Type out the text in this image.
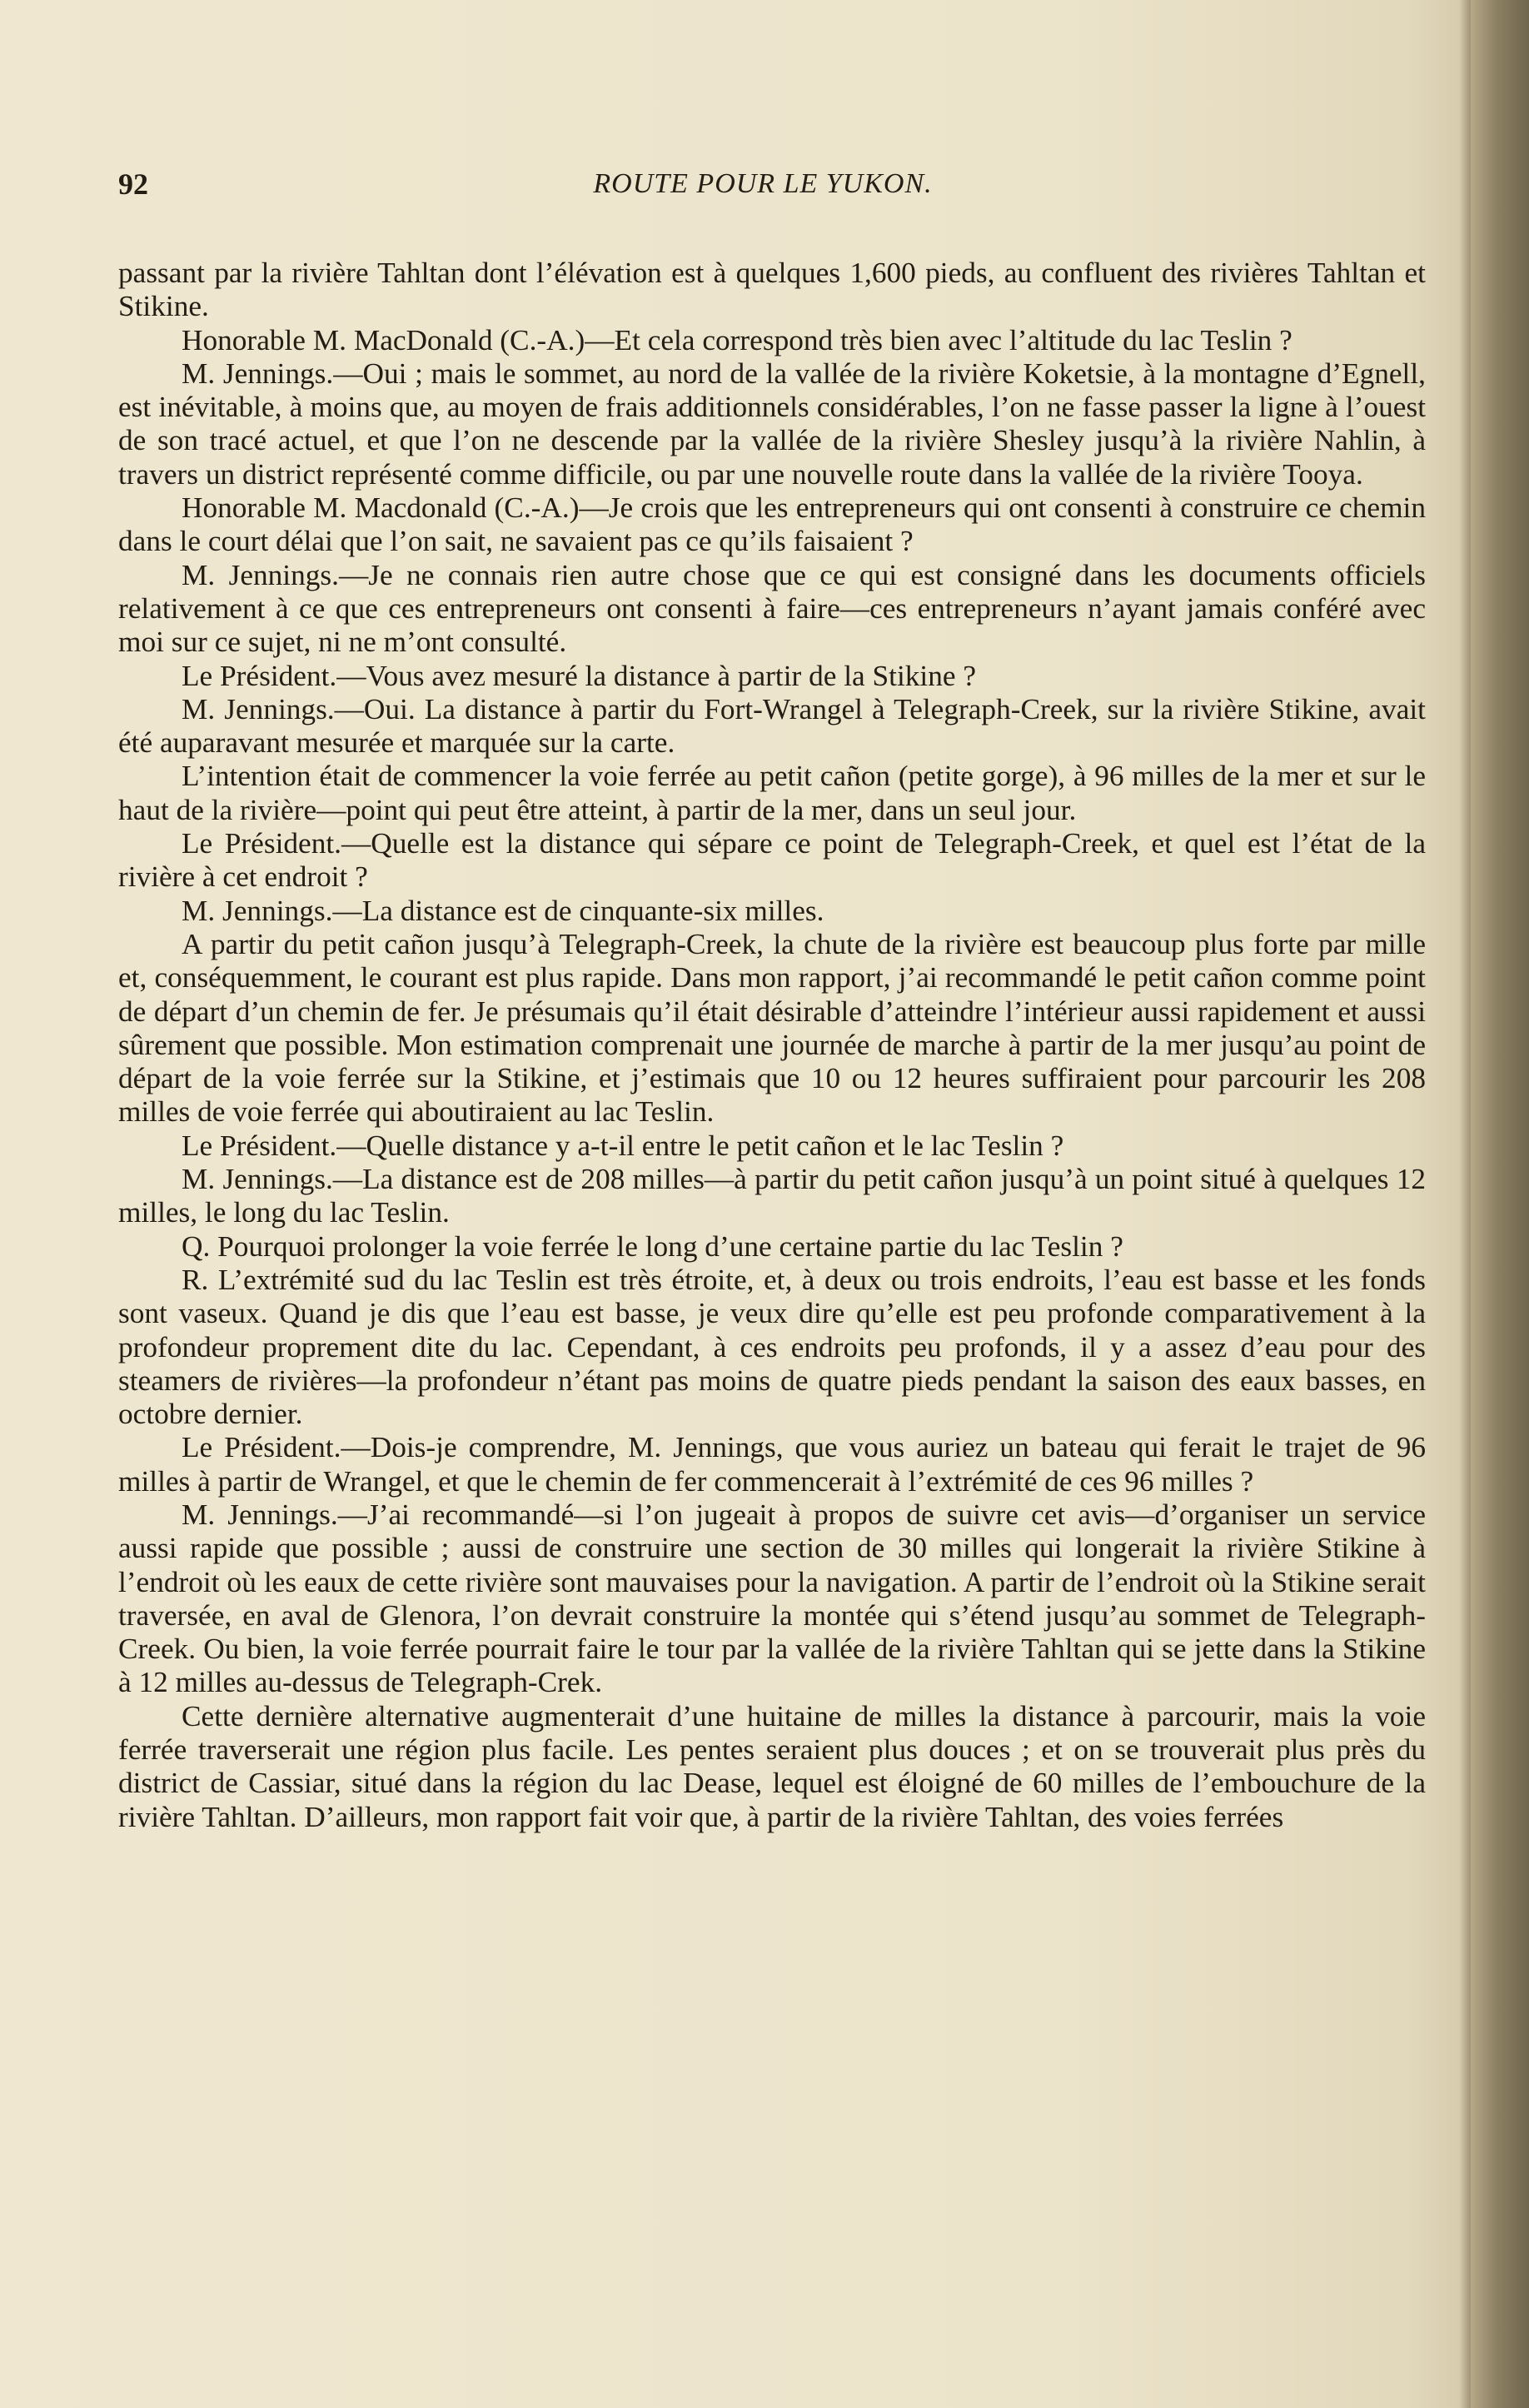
92	ROUTE POUR LE YUKON.

passant par la rivière Tahltan dont l’élévation est à quelques 1,600 pieds, au confluent des rivières Tahltan et Stikine.

Honorable M. MacDonald (C.-A.)—Et cela correspond très bien avec l’altitude du lac Teslin ?

M. Jennings.—Oui ; mais le sommet, au nord de la vallée de la rivière Koketsie, à la montagne d’Egnell, est inévitable, à moins que, au moyen de frais additionnels considérables, l’on ne fasse passer la ligne à l’ouest de son tracé actuel, et que l’on ne descende par la vallée de la rivière Shesley jusqu’à la rivière Nahlin, à travers un district représenté comme difficile, ou par une nouvelle route dans la vallée de la rivière Tooya.

Honorable M. Macdonald (C.-A.)—Je crois que les entrepreneurs qui ont consenti à construire ce chemin dans le court délai que l’on sait, ne savaient pas ce qu’ils faisaient ?

M. Jennings.—Je ne connais rien autre chose que ce qui est consigné dans les documents officiels relativement à ce que ces entrepreneurs ont consenti à faire—ces entrepreneurs n’ayant jamais conféré avec moi sur ce sujet, ni ne m’ont consulté.

Le Président.—Vous avez mesuré la distance à partir de la Stikine ?

M. Jennings.—Oui. La distance à partir du Fort-Wrangel à Telegraph-Creek, sur la rivière Stikine, avait été auparavant mesurée et marquée sur la carte.

L’intention était de commencer la voie ferrée au petit cañon (petite gorge), à 96 milles de la mer et sur le haut de la rivière—point qui peut être atteint, à partir de la mer, dans un seul jour.

Le Président.—Quelle est la distance qui sépare ce point de Telegraph-Creek, et quel est l’état de la rivière à cet endroit ?

M. Jennings.—La distance est de cinquante-six milles.

A partir du petit cañon jusqu’à Telegraph-Creek, la chute de la rivière est beaucoup plus forte par mille et, conséquemment, le courant est plus rapide. Dans mon rapport, j’ai recommandé le petit cañon comme point de départ d’un chemin de fer. Je présumais qu’il était désirable d’atteindre l’intérieur aussi rapidement et aussi sûrement que possible. Mon estimation comprenait une journée de marche à partir de la mer jusqu’au point de départ de la voie ferrée sur la Stikine, et j’estimais que 10 ou 12 heures suffiraient pour parcourir les 208 milles de voie ferrée qui aboutiraient au lac Teslin.

Le Président.—Quelle distance y a-t-il entre le petit cañon et le lac Teslin ?

M. Jennings.—La distance est de 208 milles—à partir du petit cañon jusqu’à un point situé à quelques 12 milles, le long du lac Teslin.

Q. Pourquoi prolonger la voie ferrée le long d’une certaine partie du lac Teslin ?

R. L’extrémité sud du lac Teslin est très étroite, et, à deux ou trois endroits, l’eau est basse et les fonds sont vaseux. Quand je dis que l’eau est basse, je veux dire qu’elle est peu profonde comparativement à la profondeur proprement dite du lac. Cependant, à ces endroits peu profonds, il y a assez d’eau pour des steamers de rivières—la profondeur n’étant pas moins de quatre pieds pendant la saison des eaux basses, en octobre dernier.

Le Président.—Dois-je comprendre, M. Jennings, que vous auriez un bateau qui ferait le trajet de 96 milles à partir de Wrangel, et que le chemin de fer commencerait à l’extrémité de ces 96 milles ?

M. Jennings.—J’ai recommandé—si l’on jugeait à propos de suivre cet avis—d’organiser un service aussi rapide que possible ; aussi de construire une section de 30 milles qui longerait la rivière Stikine à l’endroit où les eaux de cette rivière sont mauvaises pour la navigation. A partir de l’endroit où la Stikine serait traversée, en aval de Glenora, l’on devrait construire la montée qui s’étend jusqu’au sommet de Telegraph-Creek. Ou bien, la voie ferrée pourrait faire le tour par la vallée de la rivière Tahltan qui se jette dans la Stikine à 12 milles au-dessus de Telegraph-Crek.

Cette dernière alternative augmenterait d’une huitaine de milles la distance à parcourir, mais la voie ferrée traverserait une région plus facile. Les pentes seraient plus douces ; et on se trouverait plus près du district de Cassiar, situé dans la région du lac Dease, lequel est éloigné de 60 milles de l’embouchure de la rivière Tahltan. D’ailleurs, mon rapport fait voir que, à partir de la rivière Tahltan, des voies ferrées
